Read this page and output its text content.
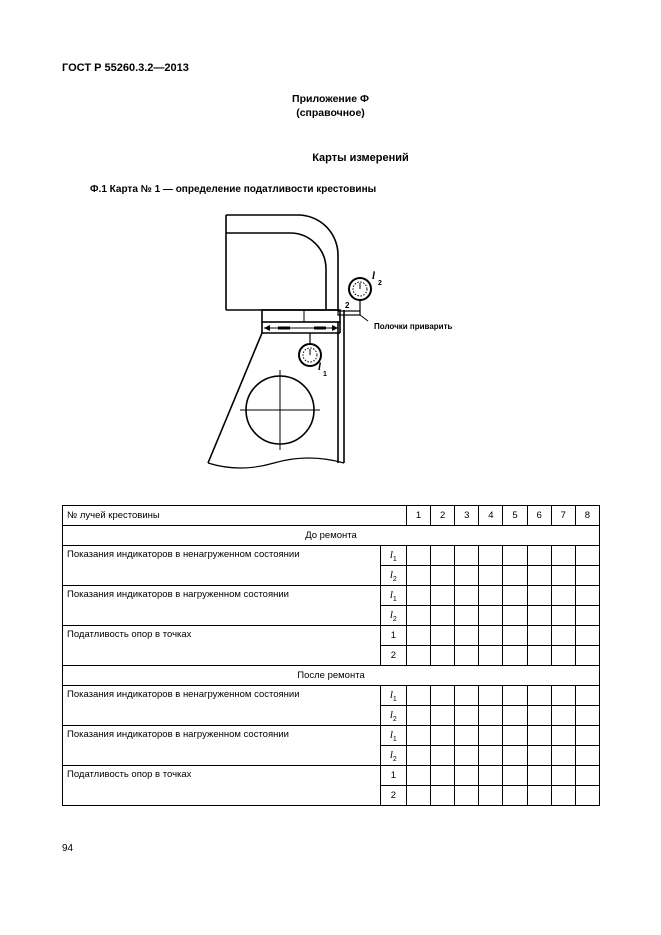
ГОСТ Р 55260.3.2—2013
Приложение Ф
(справочное)
Карты измерений
Ф.1 Карта № 1 — определение податливости крестовины
2
Полочки приварить
l
2
l
1
№ лучей крестовины		1	2	3	4	5	6	7	8
До ремонта									
Показания индикаторов в ненагруженном состоянии	$l_1$								
	$l_2$								
Показания индикаторов в нагруженном состоянии	$l_1$								
	$l_2$								
Податливость опор в точках	1								
	2								
После ремонта									
Показания индикаторов в ненагруженном состоянии	$l_1$								
	$l_2$								
Показания индикаторов в нагруженном состоянии	$l_1$								
	$l_2$								
Податливость опор в точках	1								
	2								
94
